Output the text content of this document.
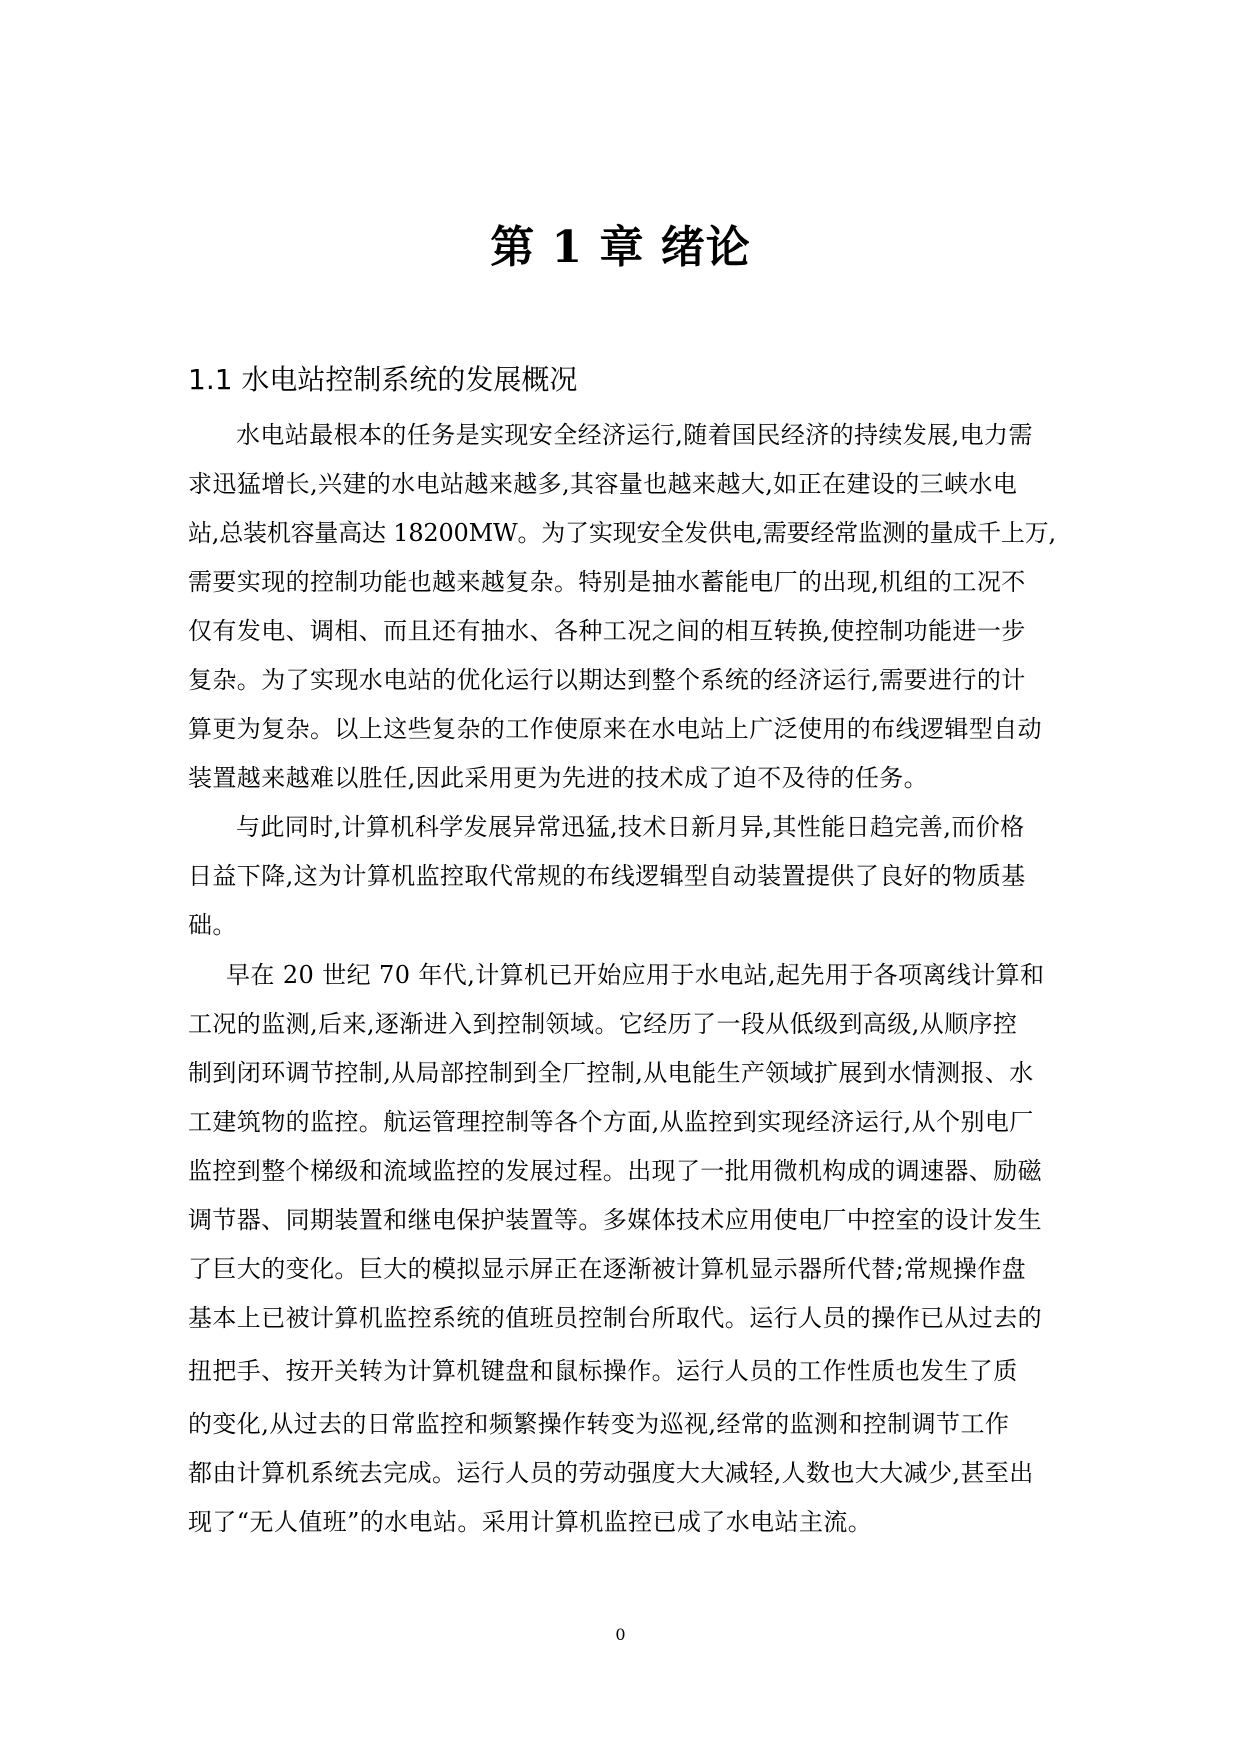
第 1 章 绪论
1.1 水电站控制系统的发展概况
水电站最根本的任务是实现安全经济运行,随着国民经济的持续发展,电力需
求迅猛增长,兴建的水电站越来越多,其容量也越来越大,如正在建设的三峡水电
站,总装机容量高达 18200MW。为了实现安全发供电,需要经常监测的量成千上万,
需要实现的控制功能也越来越复杂。特别是抽水蓄能电厂的出现,机组的工况不
仅有发电、调相、而且还有抽水、各种工况之间的相互转换,使控制功能进一步
复杂。为了实现水电站的优化运行以期达到整个系统的经济运行,需要进行的计
算更为复杂。以上这些复杂的工作使原来在水电站上广泛使用的布线逻辑型自动
装置越来越难以胜任,因此采用更为先进的技术成了迫不及待的任务。
与此同时,计算机科学发展异常迅猛,技术日新月异,其性能日趋完善,而价格
日益下降,这为计算机监控取代常规的布线逻辑型自动装置提供了良好的物质基
础。
早在 20 世纪 70 年代,计算机已开始应用于水电站,起先用于各项离线计算和
工况的监测,后来,逐渐进入到控制领域。它经历了一段从低级到高级,从顺序控
制到闭环调节控制,从局部控制到全厂控制,从电能生产领域扩展到水情测报、水
工建筑物的监控。航运管理控制等各个方面,从监控到实现经济运行,从个别电厂
监控到整个梯级和流域监控的发展过程。出现了一批用微机构成的调速器、励磁
调节器、同期装置和继电保护装置等。多媒体技术应用使电厂中控室的设计发生
了巨大的变化。巨大的模拟显示屏正在逐渐被计算机显示器所代替;常规操作盘
基本上已被计算机监控系统的值班员控制台所取代。运行人员的操作已从过去的
扭把手、按开关转为计算机键盘和鼠标操作。运行人员的工作性质也发生了质
的变化,从过去的日常监控和频繁操作转变为巡视,经常的监测和控制调节工作
都由计算机系统去完成。运行人员的劳动强度大大减轻,人数也大大减少,甚至出
现了“无人值班”的水电站。采用计算机监控已成了水电站主流。
0
